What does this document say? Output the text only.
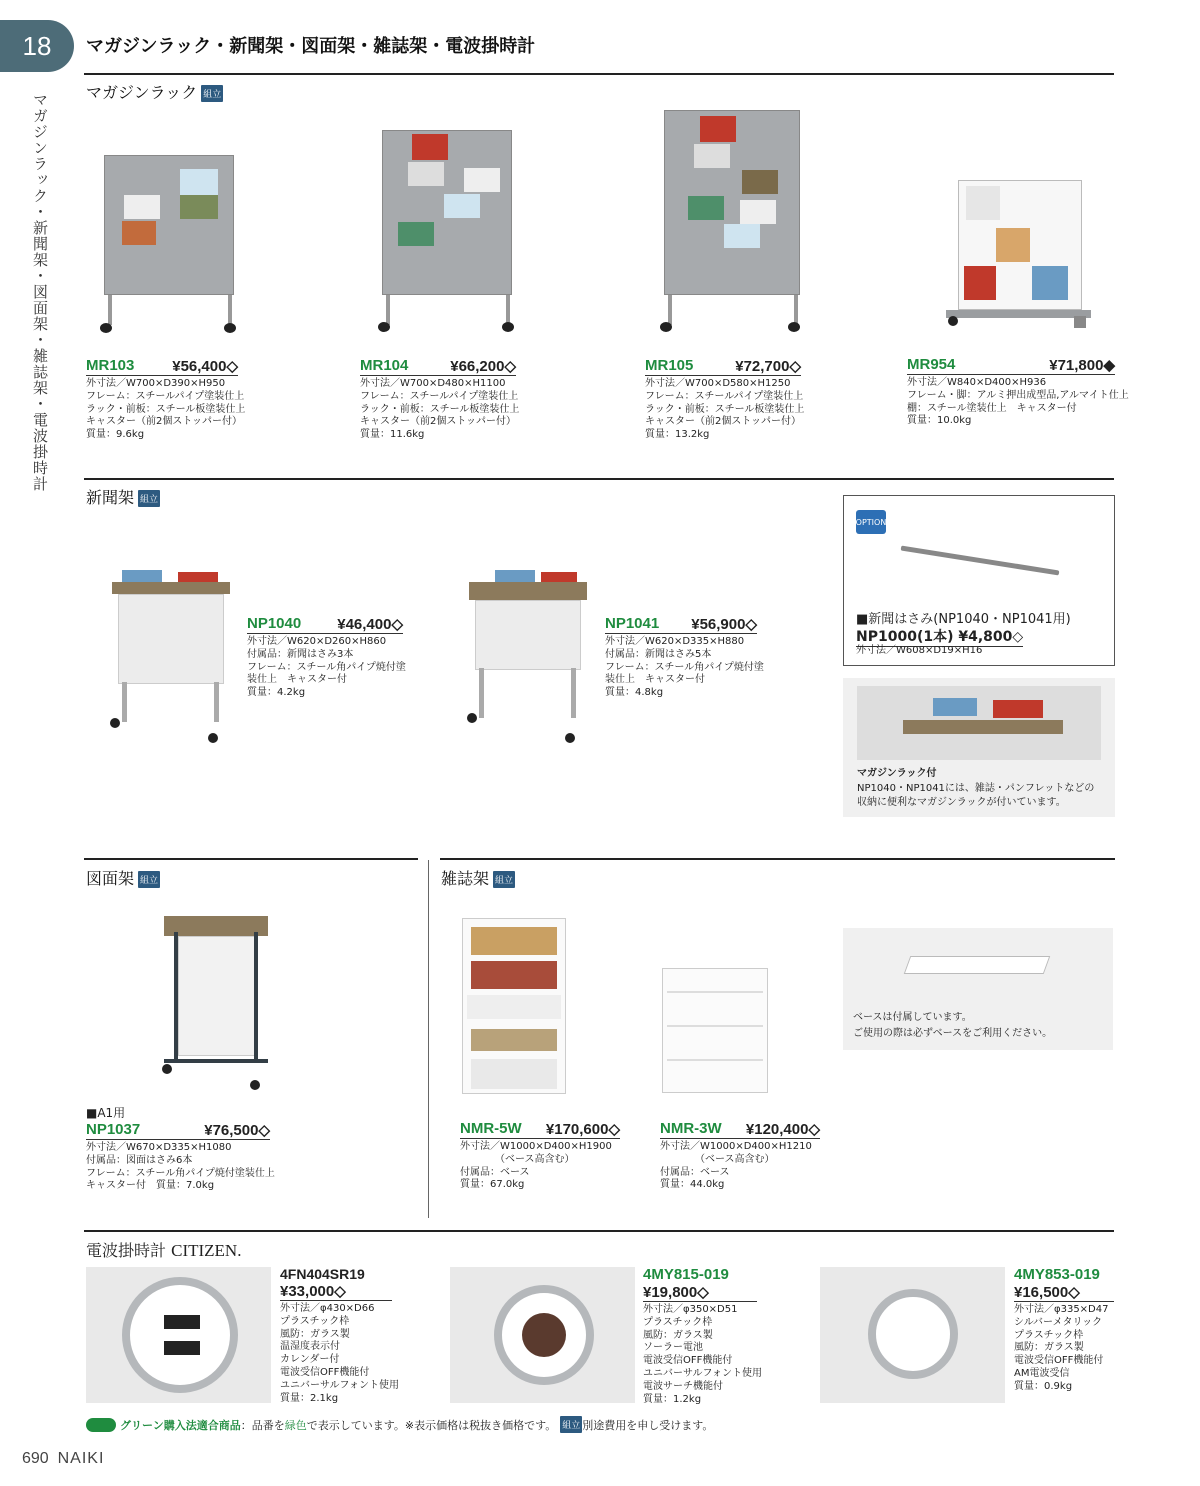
18
マガジンラック・新聞架・図面架・雑誌架・電波掛時計
マガジンラック・新聞架・図面架・雑誌架・電波掛時計
マガジンラック 組立
MR103	¥56,400◇
外寸法／W700×D390×H950
フレーム：スチールパイプ塗装仕上
ラック・前板：スチール板塗装仕上
キャスター（前2個ストッパー付）
質量：9.6kg
MR104	¥66,200◇
外寸法／W700×D480×H1100
フレーム：スチールパイプ塗装仕上
ラック・前板：スチール板塗装仕上
キャスター（前2個ストッパー付）
質量：11.6kg
MR105	¥72,700◇
外寸法／W700×D580×H1250
フレーム：スチールパイプ塗装仕上
ラック・前板：スチール板塗装仕上
キャスター（前2個ストッパー付）
質量：13.2kg
MR954	¥71,800◆
外寸法／W840×D400×H936
フレーム・脚：アルミ押出成型品,アルマイト仕上
棚：スチール塗装仕上　キャスター付
質量：10.0kg
新聞架 組立
NP1040 ¥46,400◇
外寸法／W620×D260×H860
付属品：新聞はさみ3本
フレーム：スチール角パイプ焼付塗
装仕上　キャスター付
質量：4.2kg
NP1041 ¥56,900◇
外寸法／W620×D335×H880
付属品：新聞はさみ5本
フレーム：スチール角パイプ焼付塗
装仕上　キャスター付
質量：4.8kg
OPTION
■新聞はさみ(NP1040・NP1041用)
NP1000(1本) ¥4,800◇
外寸法／W608×D19×H16
マガジンラック付
NP1040・NP1041には、雑誌・パンフレットなどの
収納に便利なマガジンラックが付いています。
図面架 組立
■A1用
NP1037	¥76,500◇
外寸法／W670×D335×H1080
付属品：図面はさみ6本
フレーム：スチール角パイプ焼付塗装仕上
キャスター付　質量：7.0kg
雑誌架 組立
NMR-5W ¥170,600◇
外寸法／W1000×D400×H1900
　　　　（ベース高含む）
付属品：ベース
質量：67.0kg
NMR-3W ¥120,400◇
外寸法／W1000×D400×H1210
　　　　（ベース高含む）
付属品：ベース
質量：44.0kg
ベースは付属しています。
ご使用の際は必ずベースをご利用ください。
電波掛時計 CITIZEN.
4FN404SR19
¥33,000◇
外寸法／φ430×D66
プラスチック枠
風防：ガラス製
温湿度表示付
カレンダー付
電波受信OFF機能付
ユニバーサルフォント使用
質量：2.1kg
4MY815-019
¥19,800◇
外寸法／φ350×D51
プラスチック枠
風防：ガラス製
ソーラー電池
電波受信OFF機能付
ユニバーサルフォント使用
電波サーチ機能付
質量：1.2kg
4MY853-019
¥16,500◇
外寸法／φ335×D47
シルバーメタリック
プラスチック枠
風防：ガラス製
電波受信OFF機能付
AM電波受信
質量：0.9kg
グリーン購入法適合商品 ：品番を 緑色 で表示しています。※表示価格は税抜き価格です。 組立 別途費用を申し受けます。
690 NAIKI
